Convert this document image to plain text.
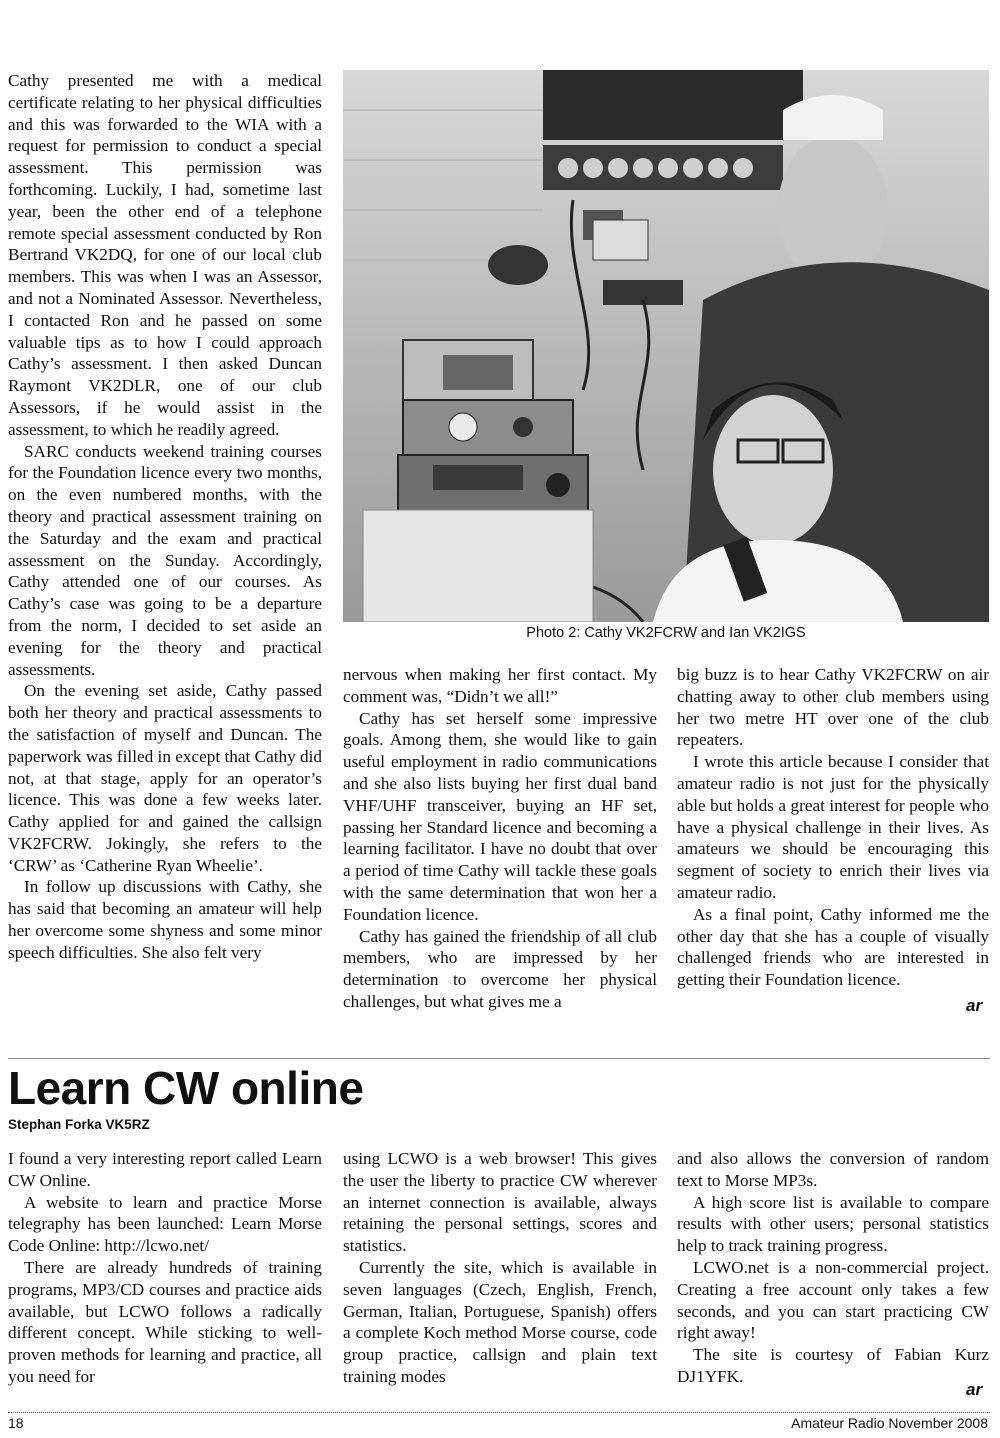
Cathy presented me with a medical certificate relating to her physical difficulties and this was forwarded to the WIA with a request for permission to conduct a special assessment. This permission was forthcoming. Luckily, I had, sometime last year, been the other end of a telephone remote special assessment conducted by Ron Bertrand VK2DQ, for one of our local club members. This was when I was an Assessor, and not a Nominated Assessor. Nevertheless, I contacted Ron and he passed on some valuable tips as to how I could approach Cathy’s assessment. I then asked Duncan Raymont VK2DLR, one of our club Assessors, if he would assist in the assessment, to which he readily agreed.

SARC conducts weekend training courses for the Foundation licence every two months, on the even numbered months, with the theory and practical assessment training on the Saturday and the exam and practical assessment on the Sunday. Accordingly, Cathy attended one of our courses. As Cathy’s case was going to be a departure from the norm, I decided to set aside an evening for the theory and practical assessments.

On the evening set aside, Cathy passed both her theory and practical assessments to the satisfaction of myself and Duncan. The paperwork was filled in except that Cathy did not, at that stage, apply for an operator’s licence. This was done a few weeks later. Cathy applied for and gained the callsign VK2FCRW. Jokingly, she refers to the ‘CRW’ as ‘Catherine Ryan Wheelie’.

In follow up discussions with Cathy, she has said that becoming an amateur will help her overcome some shyness and some minor speech difficulties. She also felt very

Photo 2: Cathy VK2FCRW and Ian VK2IGS

nervous when making her first contact. My comment was, “Didn’t we all!”

Cathy has set herself some impressive goals. Among them, she would like to gain useful employment in radio communications and she also lists buying her first dual band VHF/UHF transceiver, buying an HF set, passing her Standard licence and becoming a learning facilitator. I have no doubt that over a period of time Cathy will tackle these goals with the same determination that won her a Foundation licence.

Cathy has gained the friendship of all club members, who are impressed by her determination to overcome her physical challenges, but what gives me a

big buzz is to hear Cathy VK2FCRW on air chatting away to other club members using her two metre HT over one of the club repeaters.

I wrote this article because I consider that amateur radio is not just for the physically able but holds a great interest for people who have a physical challenge in their lives. As amateurs we should be encouraging this segment of society to enrich their lives via amateur radio.

As a final point, Cathy informed me the other day that she has a couple of visually challenged friends who are interested in getting their Foundation licence.

ar
Learn CW online
Stephan Forka VK5RZ

I found a very interesting report called Learn CW Online.

A website to learn and practice Morse telegraphy has been launched: Learn Morse Code Online: http://lcwo.net/

There are already hundreds of training programs, MP3/CD courses and practice aids available, but LCWO follows a radically different concept. While sticking to well-proven methods for learning and practice, all you need for

using LCWO is a web browser! This gives the user the liberty to practice CW wherever an internet connection is available, always retaining the personal settings, scores and statistics.

Currently the site, which is available in seven languages (Czech, English, French, German, Italian, Portuguese, Spanish) offers a complete Koch method Morse course, code group practice, callsign and plain text training modes

and also allows the conversion of random text to Morse MP3s.

A high score list is available to compare results with other users; personal statistics help to track training progress.

LCWO.net is a non-commercial project. Creating a free account only takes a few seconds, and you can start practicing CW right away!

The site is courtesy of Fabian Kurz DJ1YFK.

ar
18	Amateur Radio November 2008
